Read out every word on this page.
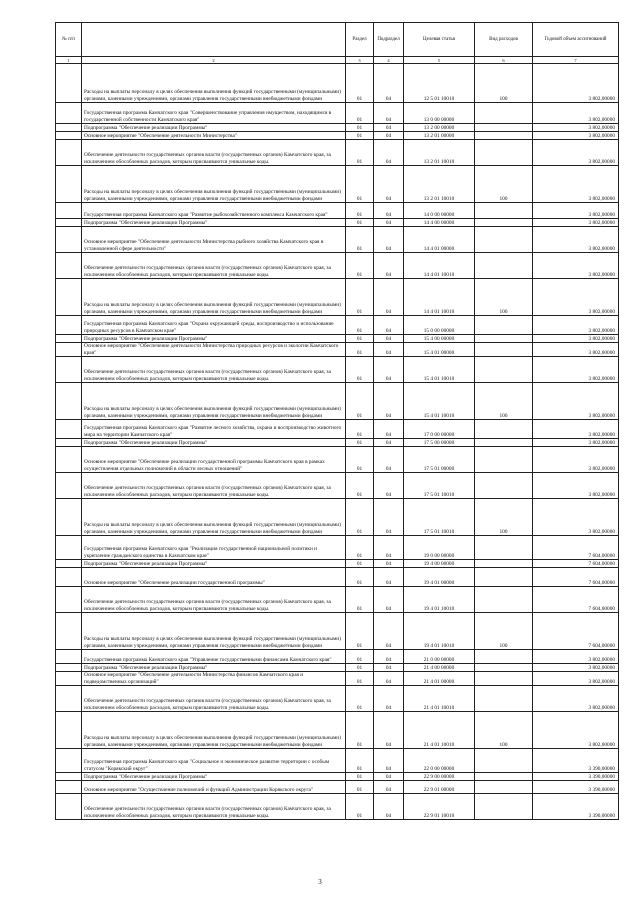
№ п/п		Раздел	Подраздел	Целевая статья	Вид расходов	Годовой объем ассигнований
1	2	3	4	5	6	7
	Расходы на выплаты персоналу в целях обеспечения выполнения функций государственными (муниципальными) органами, казенными учреждениями, органами управления государственными внебюджетными фондами	01	04	12 5 01 10010	100	3 802,00000
	Государственная программа Камчатского края "Совершенствование управления имуществом, находящимся в государственной собственности Камчатского края"	01	04	13 0 00 00000		3 802,00000
	Подпрограмма "Обеспечение реализации Программы"	01	04	13 2 00 00000		3 802,00000
	Основное мероприятие "Обеспечение деятельности Министерства"	01	04	13 2 01 00000		3 802,00000
	Обеспечение деятельности государственных органов власти (государственных органов) Камчатского края, за исключением обособленных расходов, которым присваиваются уникальные коды.	01	04	13 2 01 10010		3 802,00000
	Расходы на выплаты персоналу в целях обеспечения выполнения функций государственными (муниципальными) органами, казенными учреждениями, органами управления государственными внебюджетными фондами	01	04	13 2 01 10010	100	3 802,00000
	Государственная программа Камчатского края "Развитие рыбохозяйственного комплекса Камчатского края"	01	04	14 0 00 00000		3 802,00000
	Подпрограмма "Обеспечение реализации Программы"	01	04	14 4 00 00000		3 802,00000
	Основное мероприятие "Обеспечение деятельности Министерства рыбного хозяйства Камчатского края в установленной сфере деятельности"	01	04	14 4 01 00000		3 802,00000
	Обеспечение деятельности государственных органов власти (государственных органов) Камчатского края, за исключением обособленных расходов, которым присваиваются уникальные коды.	01	04	14 4 01 10010		3 802,00000
	Расходы на выплаты персоналу в целях обеспечения выполнения функций государственными (муниципальными) органами, казенными учреждениями, органами управления государственными внебюджетными фондами	01	04	14 4 01 10010	100	3 802,00000
	Государственная программа Камчатского края "Охрана окружающей среды, воспроизводство и использование природных ресурсов в Камчатском крае"	01	04	15 0 00 00000		3 802,00000
	Подпрограмма "Обеспечение реализации Программы"	01	04	15 4 00 00000		3 802,00000
	Основное мероприятие "Обеспечение деятельности Министерства природных ресурсов и экологии Камчатского края"	01	04	15 4 01 00000		3 802,00000
	Обеспечение деятельности государственных органов власти (государственных органов) Камчатского края, за исключением обособленных расходов, которым присваиваются уникальные коды.	01	04	15 4 01 10010		3 802,00000
	Расходы на выплаты персоналу в целях обеспечения выполнения функций государственными (муниципальными) органами, казенными учреждениями, органами управления государственными внебюджетными фондами	01	04	15 4 01 10010	100	3 802,00000
	Государственная программа Камчатского края "Развитие лесного хозяйства, охрана и воспроизводство животного мира на территории Камчатского края"	01	04	17 0 00 00000		3 802,00000
	Подпрограмма "Обеспечение реализации Программы"	01	04	17 5 00 00000		3 802,00000
	Основное мероприятие "Обеспечение реализации государственной программы Камчатского края в рамках осуществления отдельных полномочий в области лесных отношений"	01	04	17 5 01 00000		3 802,00000
	Обеспечение деятельности государственных органов власти (государственных органов) Камчатского края, за исключением обособленных расходов, которым присваиваются уникальные коды.	01	04	17 5 01 10010		3 802,00000
	Расходы на выплаты персоналу в целях обеспечения выполнения функций государственными (муниципальными) органами, казенными учреждениями, органами управления государственными внебюджетными фондами	01	04	17 5 01 10010	100	3 802,00000
	Государственная программа Камчатского края "Реализация государственной национальной политики и укрепление гражданского единства в Камчатском крае"	01	04	19 0 00 00000		7 604,00000
	Подпрограмма "Обеспечение реализации Программы"	01	04	19 4 00 00000		7 604,00000
	Основное мероприятие "Обеспечение реализации государственной программы"	01	04	19 4 01 00000		7 604,00000
	Обеспечение деятельности государственных органов власти (государственных органов) Камчатского края, за исключением обособленных расходов, которым присваиваются уникальные коды.	01	04	19 4 01 10010		7 604,00000
	Расходы на выплаты персоналу в целях обеспечения выполнения функций государственными (муниципальными) органами, казенными учреждениями, органами управления государственными внебюджетными фондами	01	04	19 4 01 10010	100	7 604,00000
	Государственная программа Камчатского края "Управление государственными финансами Камчатского края"	01	04	21 0 00 00000		3 802,00000
	Подпрограмма "Обеспечение реализации Программы"	01	04	21 4 00 00000		3 802,00000
	Основное мероприятие "Обеспечение деятельности Министерства финансов Камчатского края и подведомственных организаций"	01	04	21 4 01 00000		3 802,00000
	Обеспечение деятельности государственных органов власти (государственных органов) Камчатского края, за исключением обособленных расходов, которым присваиваются уникальные коды.	01	04	21 4 01 10010		3 802,00000
	Расходы на выплаты персоналу в целях обеспечения выполнения функций государственными (муниципальными) органами, казенными учреждениями, органами управления государственными внебюджетными фондами	01	04	21 4 01 10010	100	3 802,00000
	Государственная программа Камчатского края "Социальное и экономическое развитие территории с особым статусом "Корякский округ"	01	04	22 0 00 00000		3 390,00000
	Подпрограмма "Обеспечение реализации Программы"	01	04	22 9 00 00000		3 390,00000
	Основное мероприятие "Осуществление полномочий и функций Администрации Корякского округа"	01	04	22 9 01 00000		3 390,00000
	Обеспечение деятельности государственных органов власти (государственных органов) Камчатского края, за исключением обособленных расходов, которым присваиваются уникальные коды.	01	04	22 9 01 10010		3 390,00000
3
